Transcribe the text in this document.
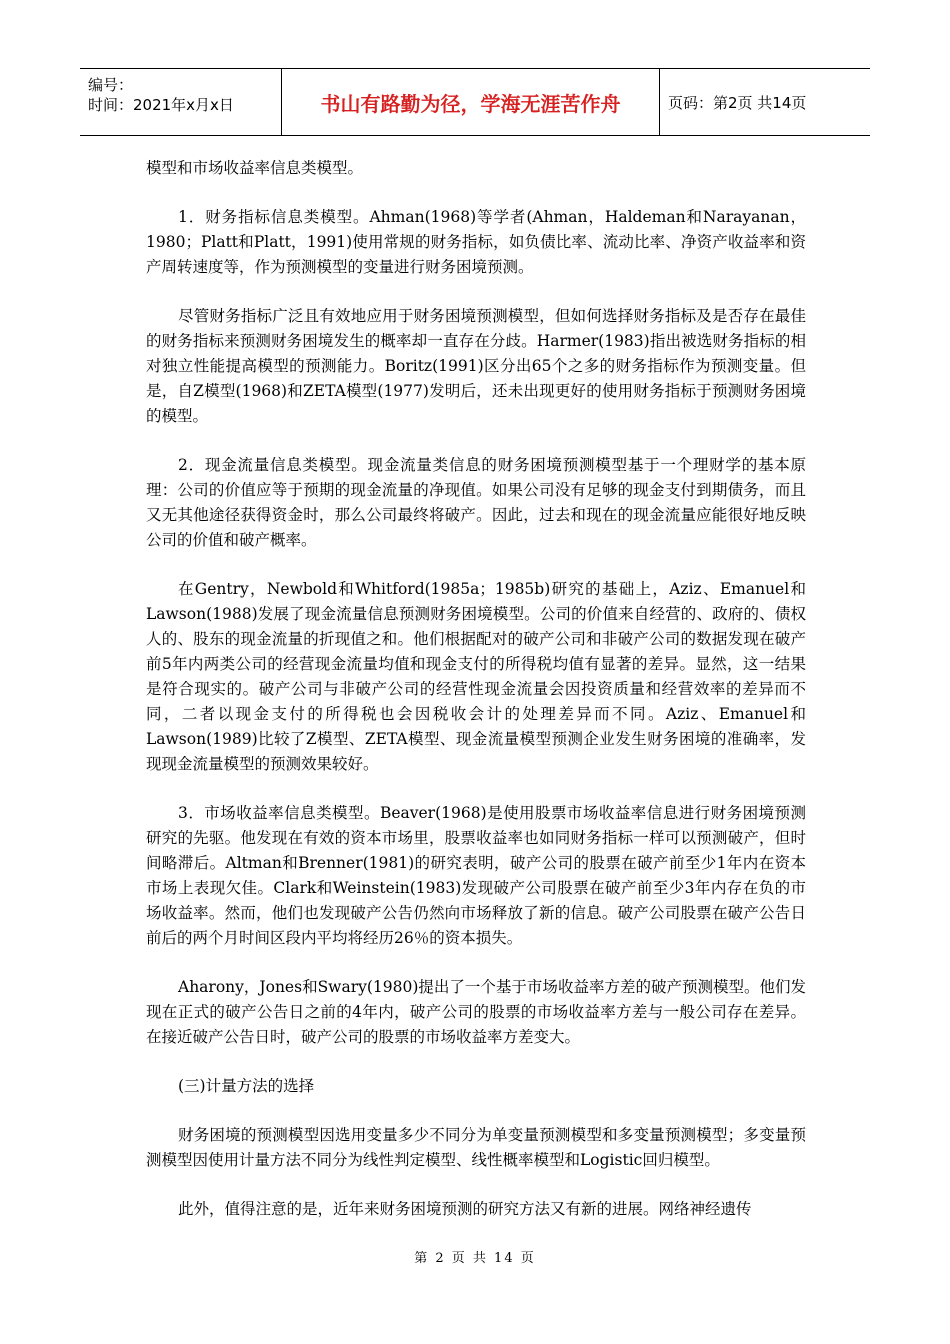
编号：
时间：2021年x月x日	书山有路勤为径，学海无涯苦作舟	页码：第2页 共14页

模型和市场收益率信息类模型。

1．财务指标信息类模型。Ahman(1968)等学者(Ahman，Haldeman和Narayanan，1980；Platt和Platt，1991)使用常规的财务指标，如负债比率、流动比率、净资产收益率和资产周转速度等，作为预测模型的变量进行财务困境预测。

尽管财务指标广泛且有效地应用于财务困境预测模型，但如何选择财务指标及是否存在最佳的财务指标来预测财务困境发生的概率却一直存在分歧。Harmer(1983)指出被选财务指标的相对独立性能提高模型的预测能力。Boritz(1991)区分出65个之多的财务指标作为预测变量。但是，自Z模型(1968)和ZETA模型(1977)发明后，还未出现更好的使用财务指标于预测财务困境的模型。

2．现金流量信息类模型。现金流量类信息的财务困境预测模型基于一个理财学的基本原理：公司的价值应等于预期的现金流量的净现值。如果公司没有足够的现金支付到期债务，而且又无其他途径获得资金时，那么公司最终将破产。因此，过去和现在的现金流量应能很好地反映公司的价值和破产概率。

在Gentry，Newbold和Whitford(1985a；1985b)研究的基础上，Aziz、Emanuel和Lawson(1988)发展了现金流量信息预测财务困境模型。公司的价值来自经营的、政府的、债权人的、股东的现金流量的折现值之和。他们根据配对的破产公司和非破产公司的数据发现在破产前5年内两类公司的经营现金流量均值和现金支付的所得税均值有显著的差异。显然，这一结果是符合现实的。破产公司与非破产公司的经营性现金流量会因投资质量和经营效率的差异而不同，二者以现金支付的所得税也会因税收会计的处理差异而不同。Aziz、Emanuel和Lawson(1989)比较了Z模型、ZETA模型、现金流量模型预测企业发生财务困境的准确率，发现现金流量模型的预测效果较好。

3．市场收益率信息类模型。Beaver(1968)是使用股票市场收益率信息进行财务困境预测研究的先驱。他发现在有效的资本市场里，股票收益率也如同财务指标一样可以预测破产，但时间略滞后。Altman和Brenner(1981)的研究表明，破产公司的股票在破产前至少1年内在资本市场上表现欠佳。Clark和Weinstein(1983)发现破产公司股票在破产前至少3年内存在负的市场收益率。然而，他们也发现破产公告仍然向市场释放了新的信息。破产公司股票在破产公告日前后的两个月时间区段内平均将经历26％的资本损失。

Aharony，Jones和Swary(1980)提出了一个基于市场收益率方差的破产预测模型。他们发现在正式的破产公告日之前的4年内，破产公司的股票的市场收益率方差与一般公司存在差异。在接近破产公告日时，破产公司的股票的市场收益率方差变大。

(三)计量方法的选择

财务困境的预测模型因选用变量多少不同分为单变量预测模型和多变量预测模型；多变量预测模型因使用计量方法不同分为线性判定模型、线性概率模型和Logistic回归模型。

此外，值得注意的是，近年来财务困境预测的研究方法又有新的进展。网络神经遗传

第 2 页 共 14 页
